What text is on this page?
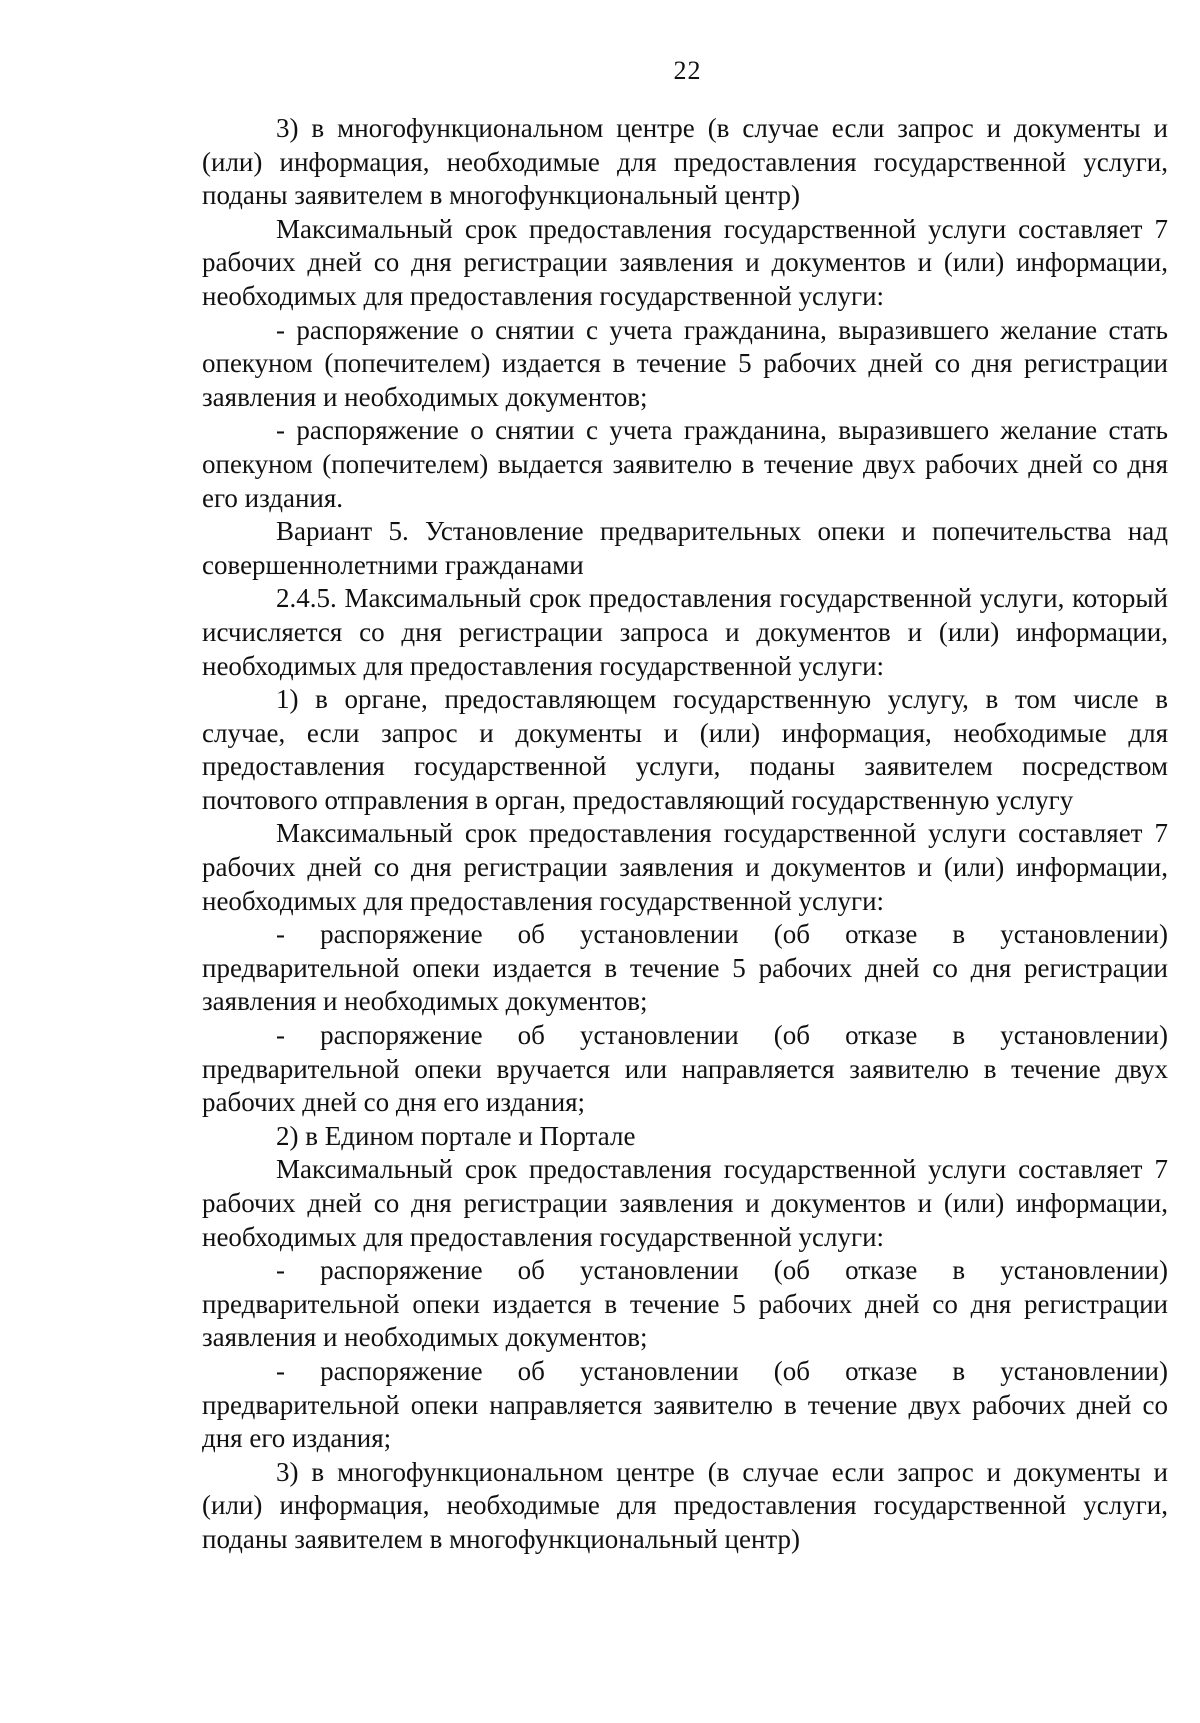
22

3) в многофункциональном центре (в случае если запрос и документы и (или) информация, необходимые для предоставления государственной услуги, поданы заявителем в многофункциональный центр)

Максимальный срок предоставления государственной услуги составляет 7 рабочих дней со дня регистрации заявления и документов и (или) информации, необходимых для предоставления государственной услуги:

- распоряжение о снятии с учета гражданина, выразившего желание стать опекуном (попечителем) издается в течение 5 рабочих дней со дня регистрации заявления и необходимых документов;

- распоряжение о снятии с учета гражданина, выразившего желание стать опекуном (попечителем) выдается заявителю в течение двух рабочих дней со дня его издания.

Вариант 5. Установление предварительных опеки и попечительства над совершеннолетними гражданами

2.4.5. Максимальный срок предоставления государственной услуги, который исчисляется со дня регистрации запроса и документов и (или) информации, необходимых для предоставления государственной услуги:

1) в органе, предоставляющем государственную услугу, в том числе в случае, если запрос и документы и (или) информация, необходимые для предоставления государственной услуги, поданы заявителем посредством почтового отправления в орган, предоставляющий государственную услугу

Максимальный срок предоставления государственной услуги составляет 7 рабочих дней со дня регистрации заявления и документов и (или) информации, необходимых для предоставления государственной услуги:

- распоряжение об установлении (об отказе в установлении) предварительной опеки издается в течение 5 рабочих дней со дня регистрации заявления и необходимых документов;

- распоряжение об установлении (об отказе в установлении) предварительной опеки вручается или направляется заявителю в течение двух рабочих дней со дня его издания;

2) в Едином портале и Портале

Максимальный срок предоставления государственной услуги составляет 7 рабочих дней со дня регистрации заявления и документов и (или) информации, необходимых для предоставления государственной услуги:

- распоряжение об установлении (об отказе в установлении) предварительной опеки издается в течение 5 рабочих дней со дня регистрации заявления и необходимых документов;

- распоряжение об установлении (об отказе в установлении) предварительной опеки направляется заявителю в течение двух рабочих дней со дня его издания;

3) в многофункциональном центре (в случае если запрос и документы и (или) информация, необходимые для предоставления государственной услуги, поданы заявителем в многофункциональный центр)
